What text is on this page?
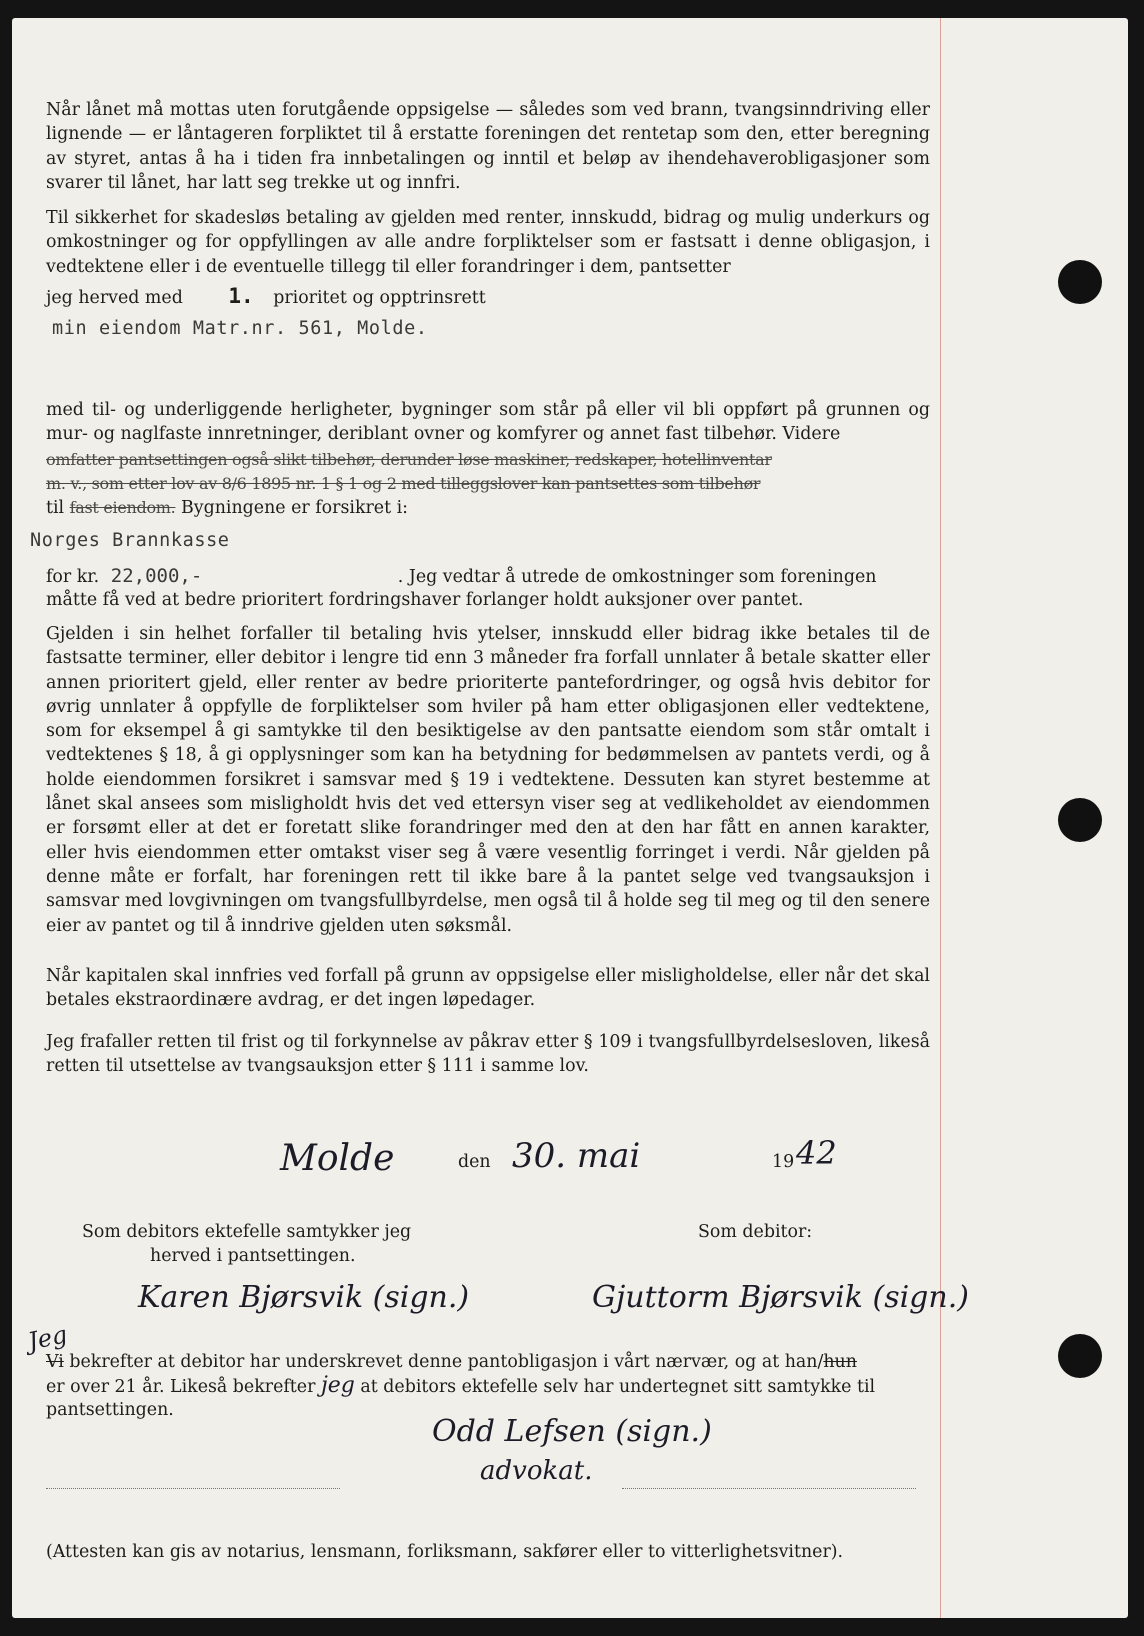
Når lånet må mottas uten forutgående oppsigelse — således som ved brann, tvangsinndriving eller lignende — er låntageren forpliktet til å erstatte foreningen det rentetap som den, etter beregning av styret, antas å ha i tiden fra innbetalingen og inntil et beløp av ihendehaverobligasjoner som svarer til lånet, har latt seg trekke ut og innfri.

Til sikkerhet for skadesløs betaling av gjelden med renter, innskudd, bidrag og mulig underkurs og omkostninger og for oppfyllingen av alle andre forpliktelser som er fastsatt i denne obligasjon, i vedtektene eller i de eventuelle tillegg til eller forandringer i dem, pantsetter

jeg herved med 1. prioritet og opptrinsrett
min eiendom Matr.nr. 561, Molde.

med til- og underliggende herligheter, bygninger som står på eller vil bli oppført på grunnen og mur- og naglfaste innretninger, deriblant ovner og komfyrer og annet fast tilbehør. Videre

omfatter pantsettingen også slikt tilbehør, derunder løse maskiner, redskaper, hotellinventar
m. v., som etter lov av 8/6 1895 nr. 1 § 1 og 2 med tilleggslover kan pantsettes som tilbehør
til fast eiendom. Bygningene er forsikret i:
Norges Brannkasse
for kr. 22,000,-	. Jeg vedtar å utrede de omkostninger som foreningen
måtte få ved at bedre prioritert fordringshaver forlanger holdt auksjoner over pantet.

Gjelden i sin helhet forfaller til betaling hvis ytelser, innskudd eller bidrag ikke betales til de fastsatte terminer, eller debitor i lengre tid enn 3 måneder fra forfall unnlater å betale skatter eller annen prioritert gjeld, eller renter av bedre prioriterte pantefordringer, og også hvis debitor for øvrig unnlater å oppfylle de forpliktelser som hviler på ham etter obligasjonen eller vedtektene, som for eksempel å gi samtykke til den besiktigelse av den pantsatte eiendom som står omtalt i vedtektenes § 18, å gi opplysninger som kan ha betydning for bedømmelsen av pantets verdi, og å holde eiendommen forsikret i samsvar med § 19 i vedtektene. Dessuten kan styret bestemme at lånet skal ansees som misligholdt hvis det ved ettersyn viser seg at vedlikeholdet av eiendommen er forsømt eller at det er foretatt slike forandringer med den at den har fått en annen karakter, eller hvis eiendommen etter omtakst viser seg å være vesentlig forringet i verdi. Når gjelden på denne måte er forfalt, har foreningen rett til ikke bare å la pantet selge ved tvangsauksjon i samsvar med lovgivningen om tvangsfullbyrdelse, men også til å holde seg til meg og til den senere eier av pantet og til å inndrive gjelden uten søksmål.

Når kapitalen skal innfries ved forfall på grunn av oppsigelse eller misligholdelse, eller når det skal betales ekstraordinære avdrag, er det ingen løpedager.

Jeg frafaller retten til frist og til forkynnelse av påkrav etter § 109 i tvangsfullbyrdelsesloven, likeså retten til utsettelse av tvangsauksjon etter § 111 i samme lov.

Molde	den 30. mai	19 42
Som debitors ektefelle samtykker jeg
herved i pantsettingen.
Som debitor:
Karen Bjørsvik (sign.)	Gjuttorm Bjørsvik (sign.)
Jeg
Vi bekrefter at debitor har underskrevet denne pantobligasjon i vårt nærvær, og at han/hun
er over 21 år. Likeså bekrefter jeg at debitors ektefelle selv har undertegnet sitt samtykke til
pantsettingen.
Odd Lefsen (sign.)
advokat.
(Attesten kan gis av notarius, lensmann, forliksmann, sakfører eller to vitterlighetsvitner).
